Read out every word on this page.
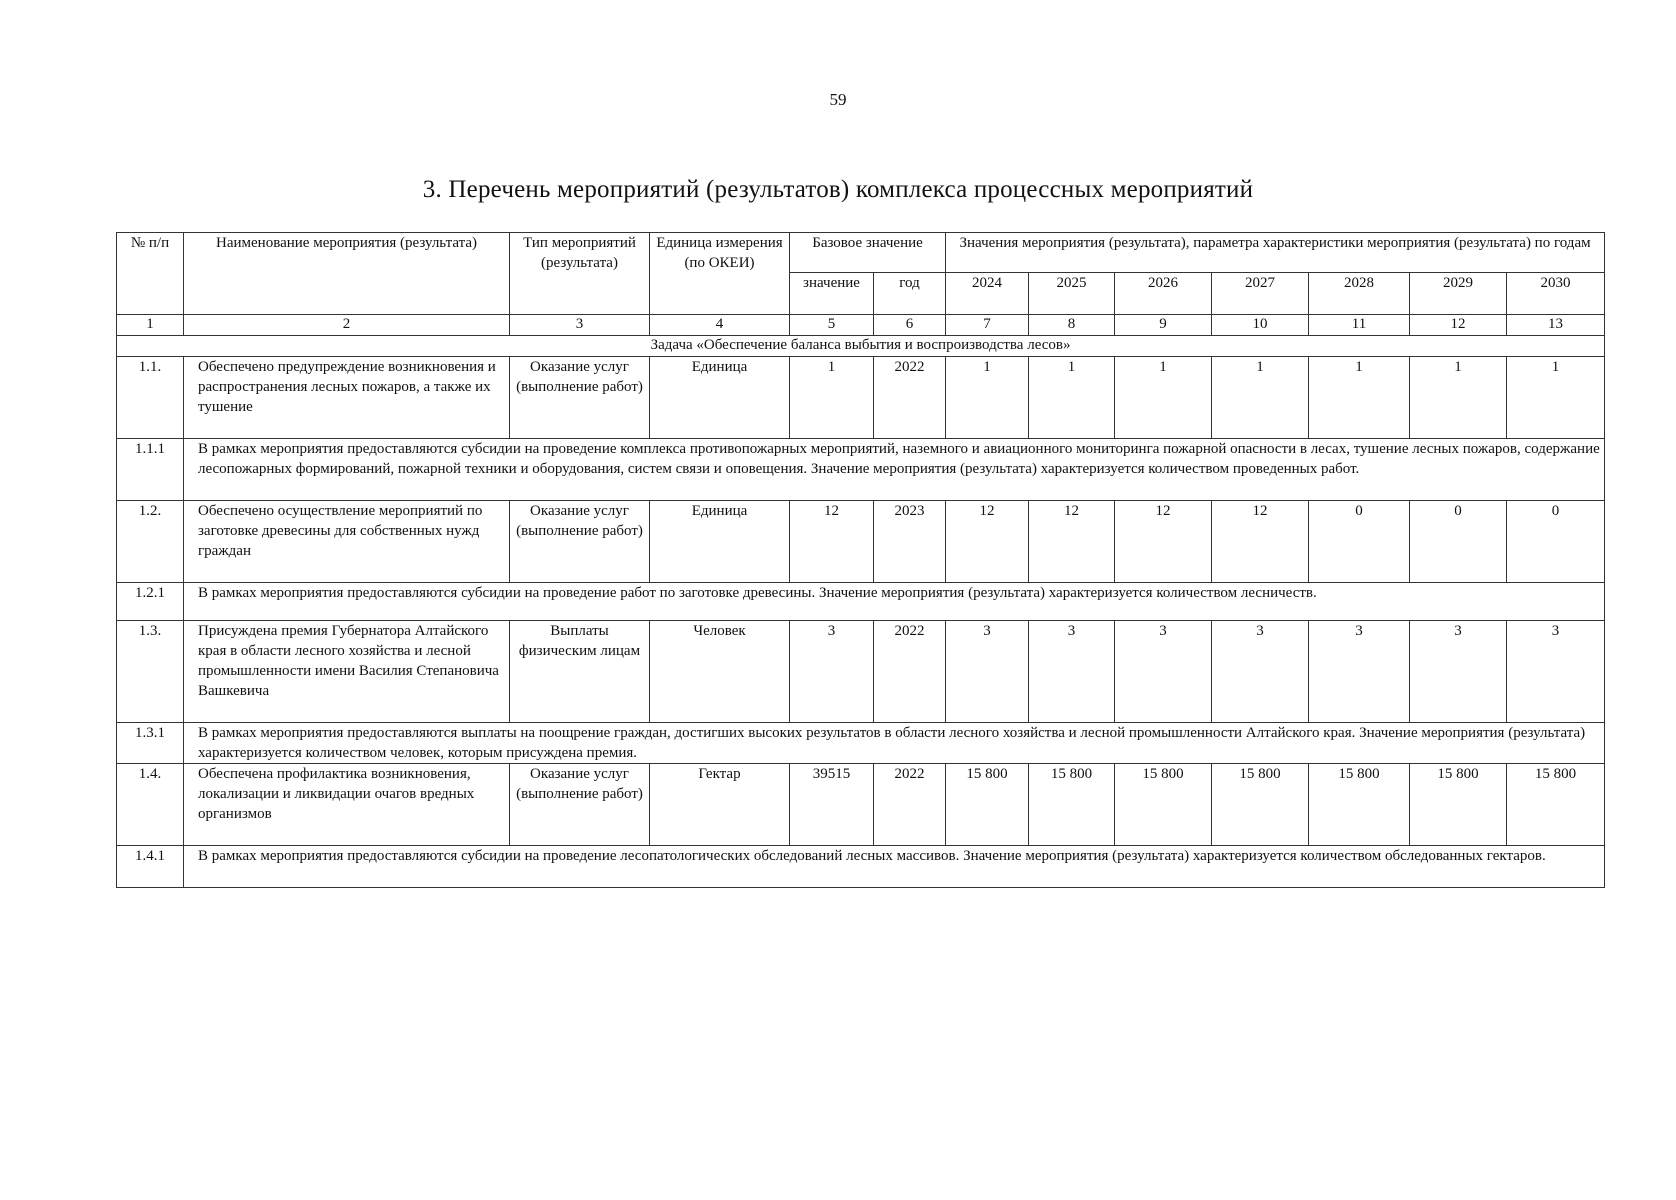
59
3. Перечень мероприятий (результатов) комплекса процессных мероприятий
№ п/п	Наименование мероприятия (результата)	Тип мероприятий (результата)	Единица измерения (по ОКЕИ)	Базовое значение		Значения мероприятия (результата), параметра характеристики мероприятия (результата) по годам						
				значение	год	2024	2025	2026	2027	2028	2029	2030
1	2	3	4	5	6	7	8	9	10	11	12	13
Задача «Обеспечение баланса выбытия и воспроизводства лесов»												
1.1.	Обеспечено предупреждение возникновения и распространения лесных пожаров, а также их тушение	Оказание услуг (выполнение работ)	Единица	1	2022	1	1	1	1	1	1	1
1.1.1	В рамках мероприятия предоставляются субсидии на проведение комплекса противопожарных мероприятий, наземного и авиационного мониторинга пожарной опасности в лесах, тушение лесных пожаров, содержание лесопожарных формирований, пожарной техники и оборудования, систем связи и оповещения. Значение мероприятия (результата) характеризуется количеством проведенных работ.											
1.2.	Обеспечено осуществление мероприятий по заготовке древесины для собственных нужд граждан	Оказание услуг (выполнение работ)	Единица	12	2023	12	12	12	12	0	0	0
1.2.1	В рамках мероприятия предоставляются субсидии на проведение работ по заготовке древесины. Значение мероприятия (результата) характеризуется количеством лесничеств.											
1.3.	Присуждена премия Губернатора Алтайского края в области лесного хозяйства и лесной промышленности имени Василия Степановича Вашкевича	Выплаты физическим лицам	Человек	3	2022	3	3	3	3	3	3	3
1.3.1	В рамках мероприятия предоставляются выплаты на поощрение граждан, достигших высоких результатов в области лесного хозяйства и лесной промышленности Алтайского края. Значение мероприятия (результата) характеризуется количеством человек, которым присуждена премия.											
1.4.	Обеспечена профилактика возникновения, локализации и ликвидации очагов вредных организмов	Оказание услуг (выполнение работ)	Гектар	39515	2022	15 800	15 800	15 800	15 800	15 800	15 800	15 800
1.4.1	В рамках мероприятия предоставляются субсидии на проведение лесопатологических обследований лесных массивов. Значение мероприятия (результата) характеризуется количеством обследованных гектаров.											
